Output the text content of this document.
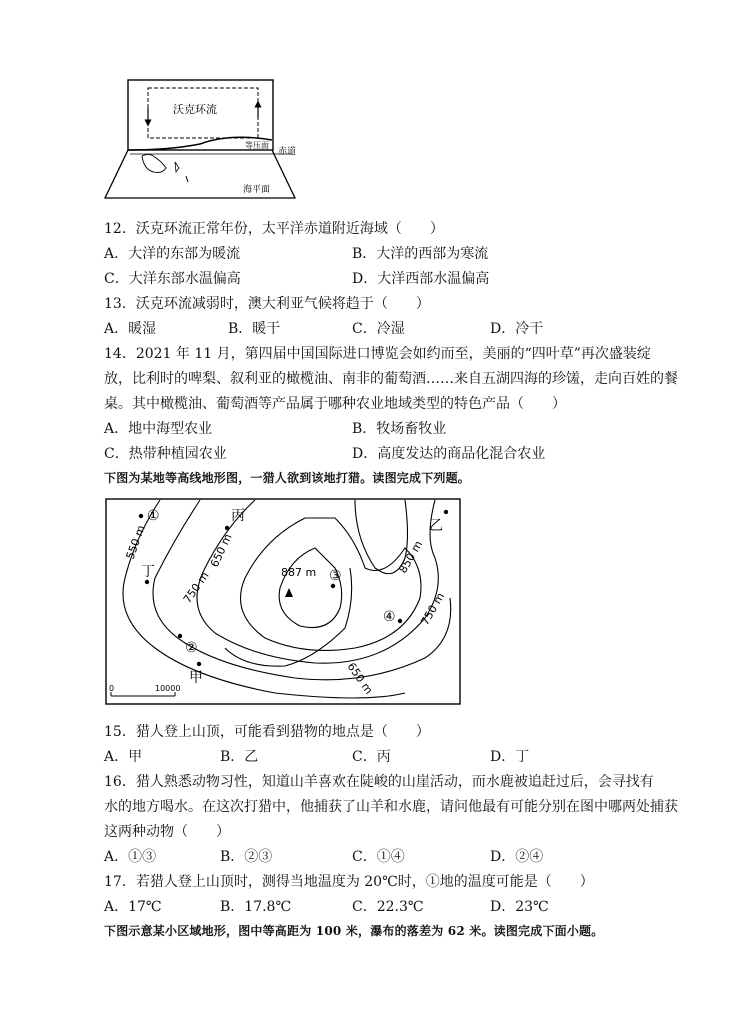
沃克环流
等压面
赤道
海平面
12．沃克环流正常年份，太平洋赤道附近海域（　　）
A．大洋的东部为暖流	B．大洋的西部为寒流
C．大洋东部水温偏高	D．大洋西部水温偏高
13．沃克环流减弱时，澳大利亚气候将趋于（　　）
A．暖湿	B．暖干	C．冷湿	D．冷干
14．2021 年 11 月，第四届中国国际进口博览会如约而至，美丽的“四叶草”再次盛装绽
放，比利时的啤梨、叙利亚的橄榄油、南非的葡萄酒……来自五湖四海的珍馐，走向百姓的餐
桌。其中橄榄油、葡萄酒等产品属于哪种农业地域类型的特色产品（　　）
A．地中海型农业	B．牧场畜牧业
C．热带种植园农业	D．高度发达的商品化混合农业
下图为某地等高线地形图，一猎人欲到该地打猎。读图完成下列题。
550 m	650 m
750 m
850 m
750 m
650 m
887 m
①
②
③
④
甲
乙
丙
丁
0	10000
15．猎人登上山顶，可能看到猎物的地点是（　　）
A．甲	B．乙	C．丙	D．丁
16．猎人熟悉动物习性，知道山羊喜欢在陡峻的山崖活动，而水鹿被追赶过后，会寻找有
水的地方喝水。在这次打猎中，他捕获了山羊和水鹿，请问他最有可能分别在图中哪两处捕获
这两种动物（　　）
A．①③	B．②③	C．①④	D．②④
17．若猎人登上山顶时，测得当地温度为 20℃时，①地的温度可能是（　　）
A．17℃	B．17.8℃	C．22.3℃	D．23℃
下图示意某小区域地形，图中等高距为 100 米，瀑布的落差为 62 米。读图完成下面小题。
